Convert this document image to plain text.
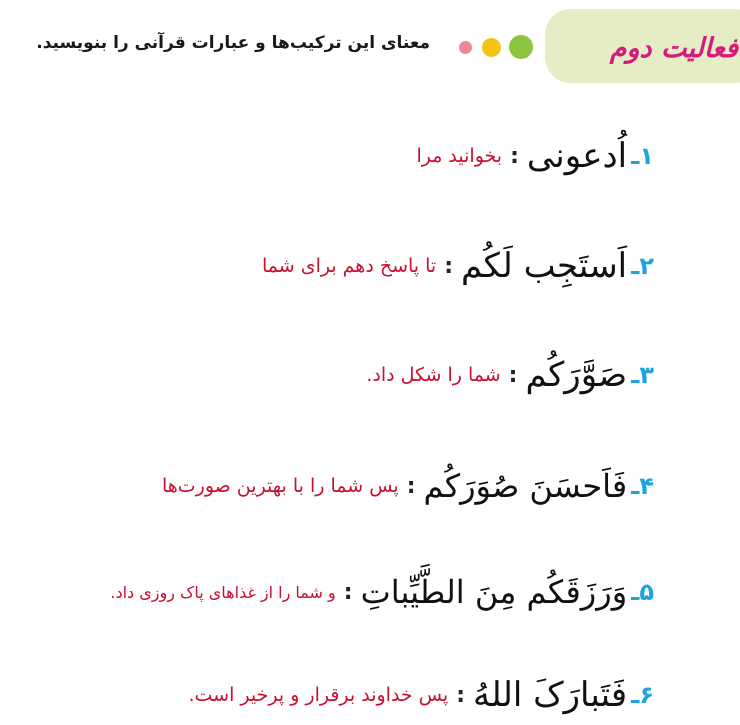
فعالیت دوم
معنای این ترکیب‌ها و عبارات قرآنی را بنویسید.
۱ـ
اُدعونی
:
بخوانید مرا
۲ـ
اَستَجِب لَکُم
:
تا پاسخ دهم برای شما
۳ـ
صَوَّرَکُم
:
شما را شکل داد.
۴ـ
فَاَحسَنَ صُوَرَکُم
:
پس شما را با بهترین صورت‌ها
۵ـ
وَرَزَقَکُم مِنَ الطَّیِّباتِ
:
و شما را از غذاهای پاک روزی داد.
۶ـ
فَتَبارَکَ اللهُ
:
پس خداوند برقرار و پرخیر است.
